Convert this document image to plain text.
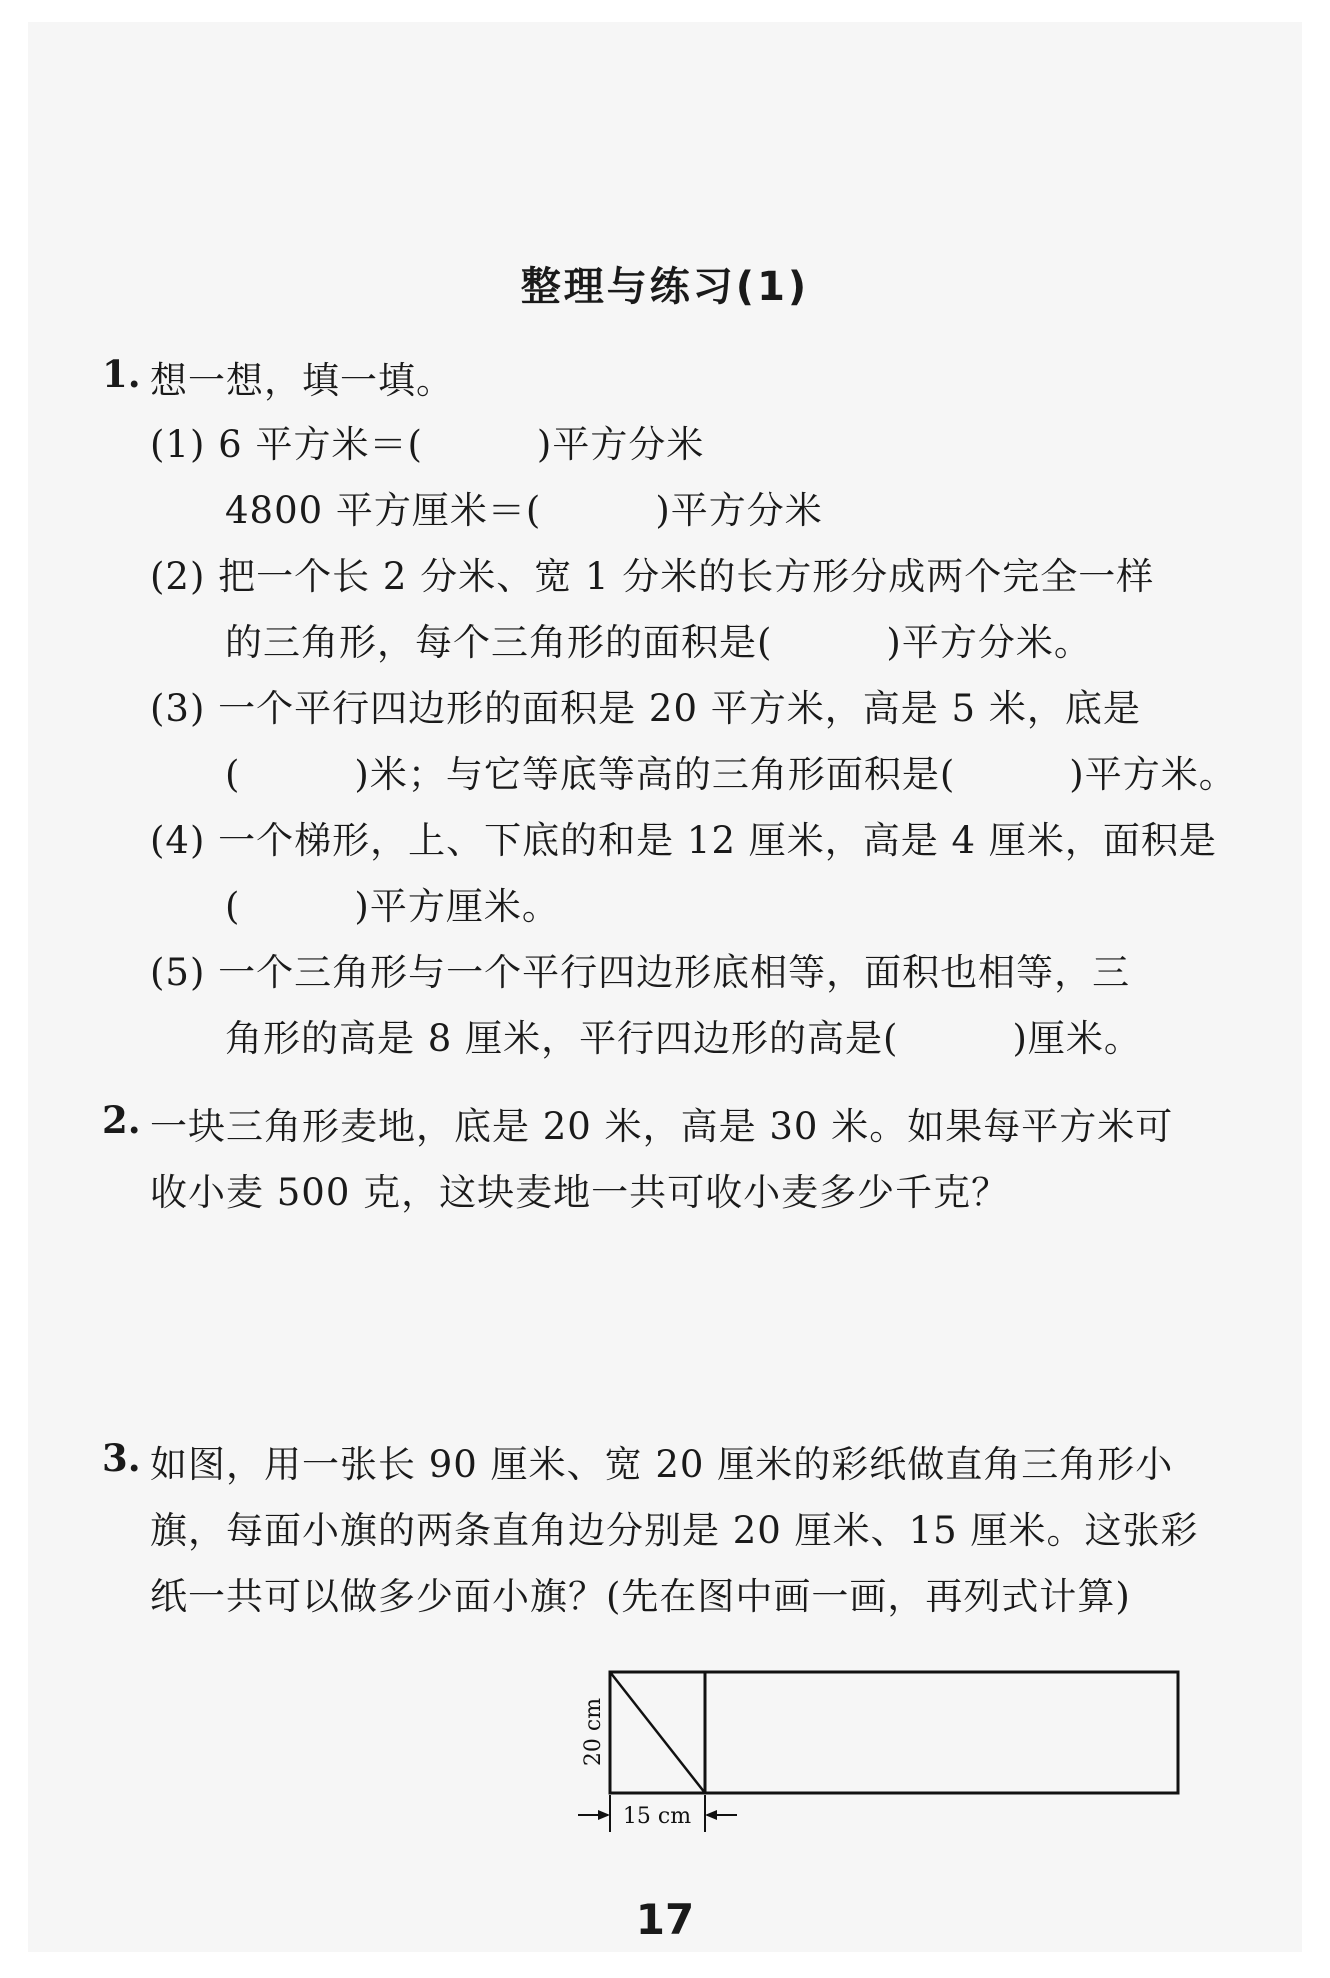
整理与练习(1)
1. 想一想，填一填。
(1) 6 平方米＝(　　　)平方分米
4800 平方厘米＝(　　　)平方分米
(2) 把一个长 2 分米、宽 1 分米的长方形分成两个完全一样
的三角形，每个三角形的面积是(　　　)平方分米。
(3) 一个平行四边形的面积是 20 平方米，高是 5 米，底是
(　　　)米；与它等底等高的三角形面积是(　　　)平方米。
(4) 一个梯形，上、下底的和是 12 厘米，高是 4 厘米，面积是
(　　　)平方厘米。
(5) 一个三角形与一个平行四边形底相等，面积也相等，三
角形的高是 8 厘米，平行四边形的高是(　　　)厘米。
2. 一块三角形麦地，底是 20 米，高是 30 米。如果每平方米可
收小麦 500 克，这块麦地一共可收小麦多少千克？
3. 如图，用一张长 90 厘米、宽 20 厘米的彩纸做直角三角形小
旗，每面小旗的两条直角边分别是 20 厘米、15 厘米。这张彩
纸一共可以做多少面小旗？(先在图中画一画，再列式计算)
20 cm
15 cm
17
